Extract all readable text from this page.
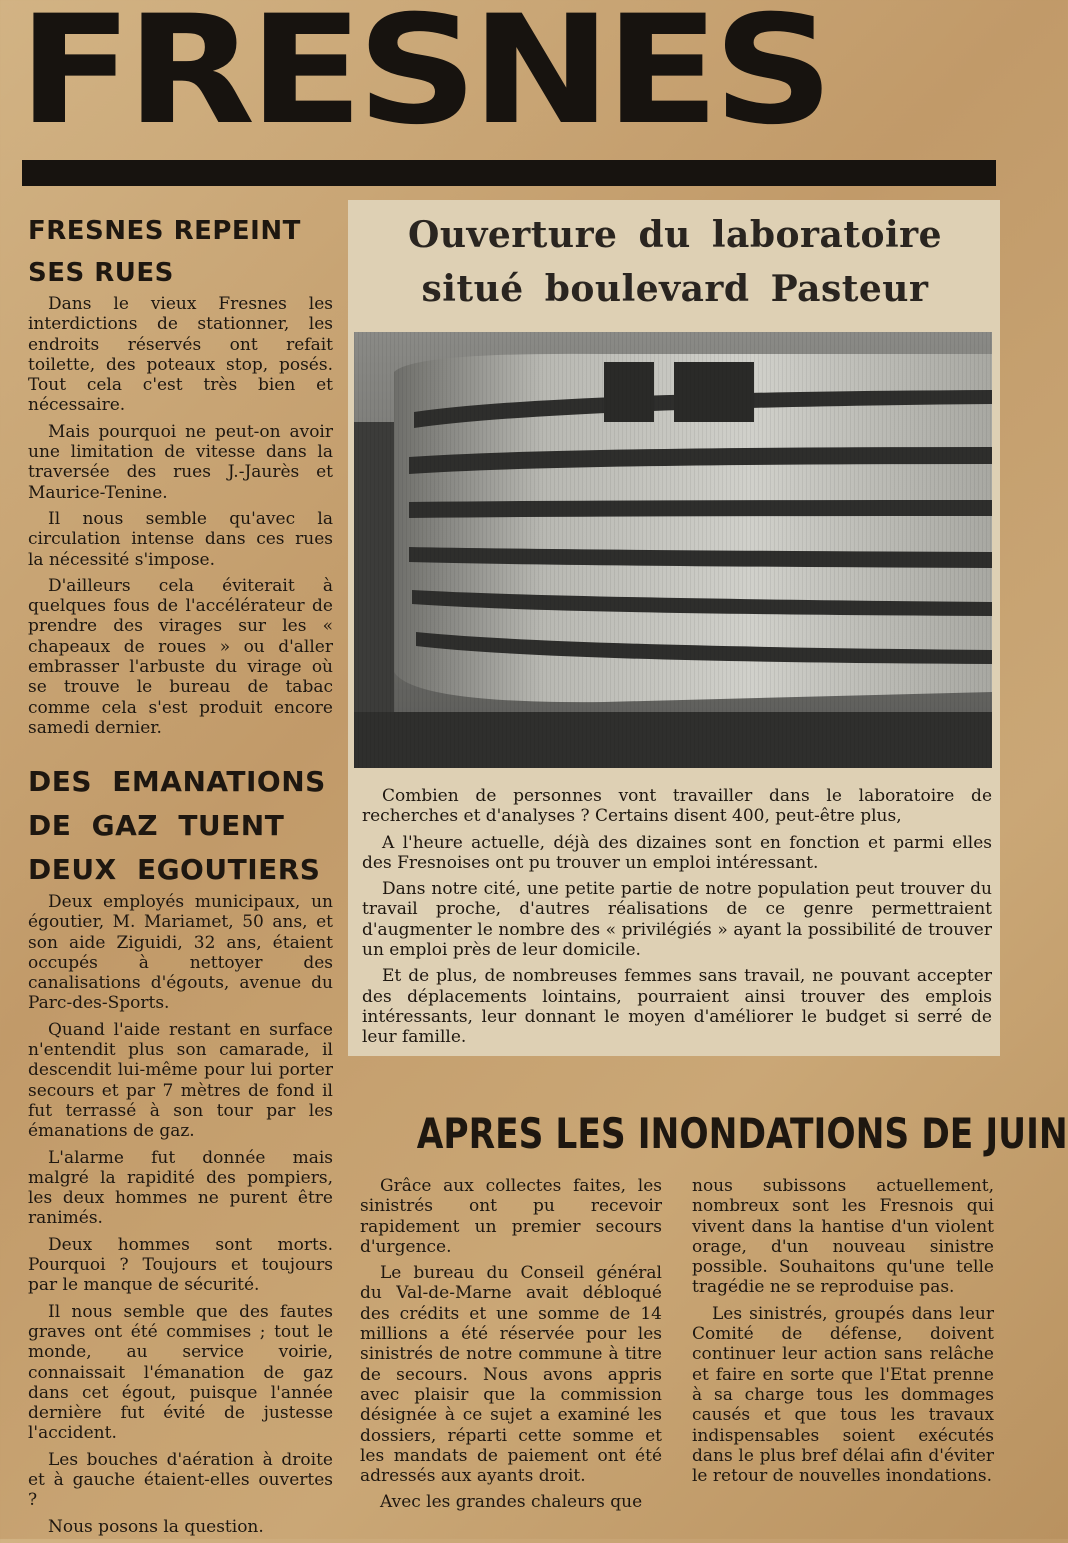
FRESNES
FRESNES REPEINT
SES RUES

Dans le vieux Fresnes les interdictions de stationner, les endroits réservés ont refait toilette, des poteaux stop, posés. Tout cela c'est très bien et nécessaire.

Mais pourquoi ne peut-on avoir une limitation de vitesse dans la traversée des rues J.-Jaurès et Maurice-Tenine.

Il nous semble qu'avec la circulation intense dans ces rues la nécessité s'impose.

D'ailleurs cela éviterait à quelques fous de l'accélérateur de prendre des virages sur les « chapeaux de roues » ou d'aller embrasser l'arbuste du virage où se trouve le bureau de tabac comme cela s'est produit encore samedi dernier.

DES EMANATIONS
DE GAZ TUENT
DEUX EGOUTIERS

Deux employés municipaux, un égoutier, M. Mariamet, 50 ans, et son aide Ziguidi, 32 ans, étaient occupés à nettoyer des canalisations d'égouts, avenue du Parc-des-Sports.

Quand l'aide restant en surface n'entendit plus son camarade, il descendit lui-même pour lui porter secours et par 7 mètres de fond il fut terrassé à son tour par les émanations de gaz.

L'alarme fut donnée mais malgré la rapidité des pompiers, les deux hommes ne purent être ranimés.

Deux hommes sont morts. Pourquoi ? Toujours et toujours par le manque de sécurité.

Il nous semble que des fautes graves ont été commises ; tout le monde, au service voirie, connaissait l'émanation de gaz dans cet égout, puisque l'année dernière fut évité de justesse l'accident.

Les bouches d'aération à droite et à gauche étaient-elles ouvertes ?

Nous posons la question.

Ouverture du laboratoire
situé boulevard Pasteur

Combien de personnes vont travailler dans le laboratoire de recherches et d'analyses ? Certains disent 400, peut-être plus,

A l'heure actuelle, déjà des dizaines sont en fonction et parmi elles des Fresnoises ont pu trouver un emploi intéressant.

Dans notre cité, une petite partie de notre population peut trouver du travail proche, d'autres réalisations de ce genre permettraient d'augmenter le nombre des « privilégiés » ayant la possibilité de trouver un emploi près de leur domicile.

Et de plus, de nombreuses femmes sans travail, ne pouvant accepter des déplacements lointains, pourraient ainsi trouver des emplois intéressants, leur donnant le moyen d'améliorer le budget si serré de leur famille.

APRES LES INONDATIONS DE JUIN

Grâce aux collectes faites, les sinistrés ont pu recevoir rapidement un premier secours d'urgence.

Le bureau du Conseil général du Val-de-Marne avait débloqué des crédits et une somme de 14 millions a été réservée pour les sinistrés de notre commune à titre de secours. Nous avons appris avec plaisir que la commission désignée à ce sujet a examiné les dossiers, réparti cette somme et les mandats de paiement ont été adressés aux ayants droit.

Avec les grandes chaleurs que

nous subissons actuellement, nombreux sont les Fresnois qui vivent dans la hantise d'un violent orage, d'un nouveau sinistre possible. Souhaitons qu'une telle tragédie ne se reproduise pas.

Les sinistrés, groupés dans leur Comité de défense, doivent continuer leur action sans relâche et faire en sorte que l'Etat prenne à sa charge tous les dommages causés et que tous les travaux indispensables soient exécutés dans le plus bref délai afin d'éviter le retour de nouvelles inondations.
